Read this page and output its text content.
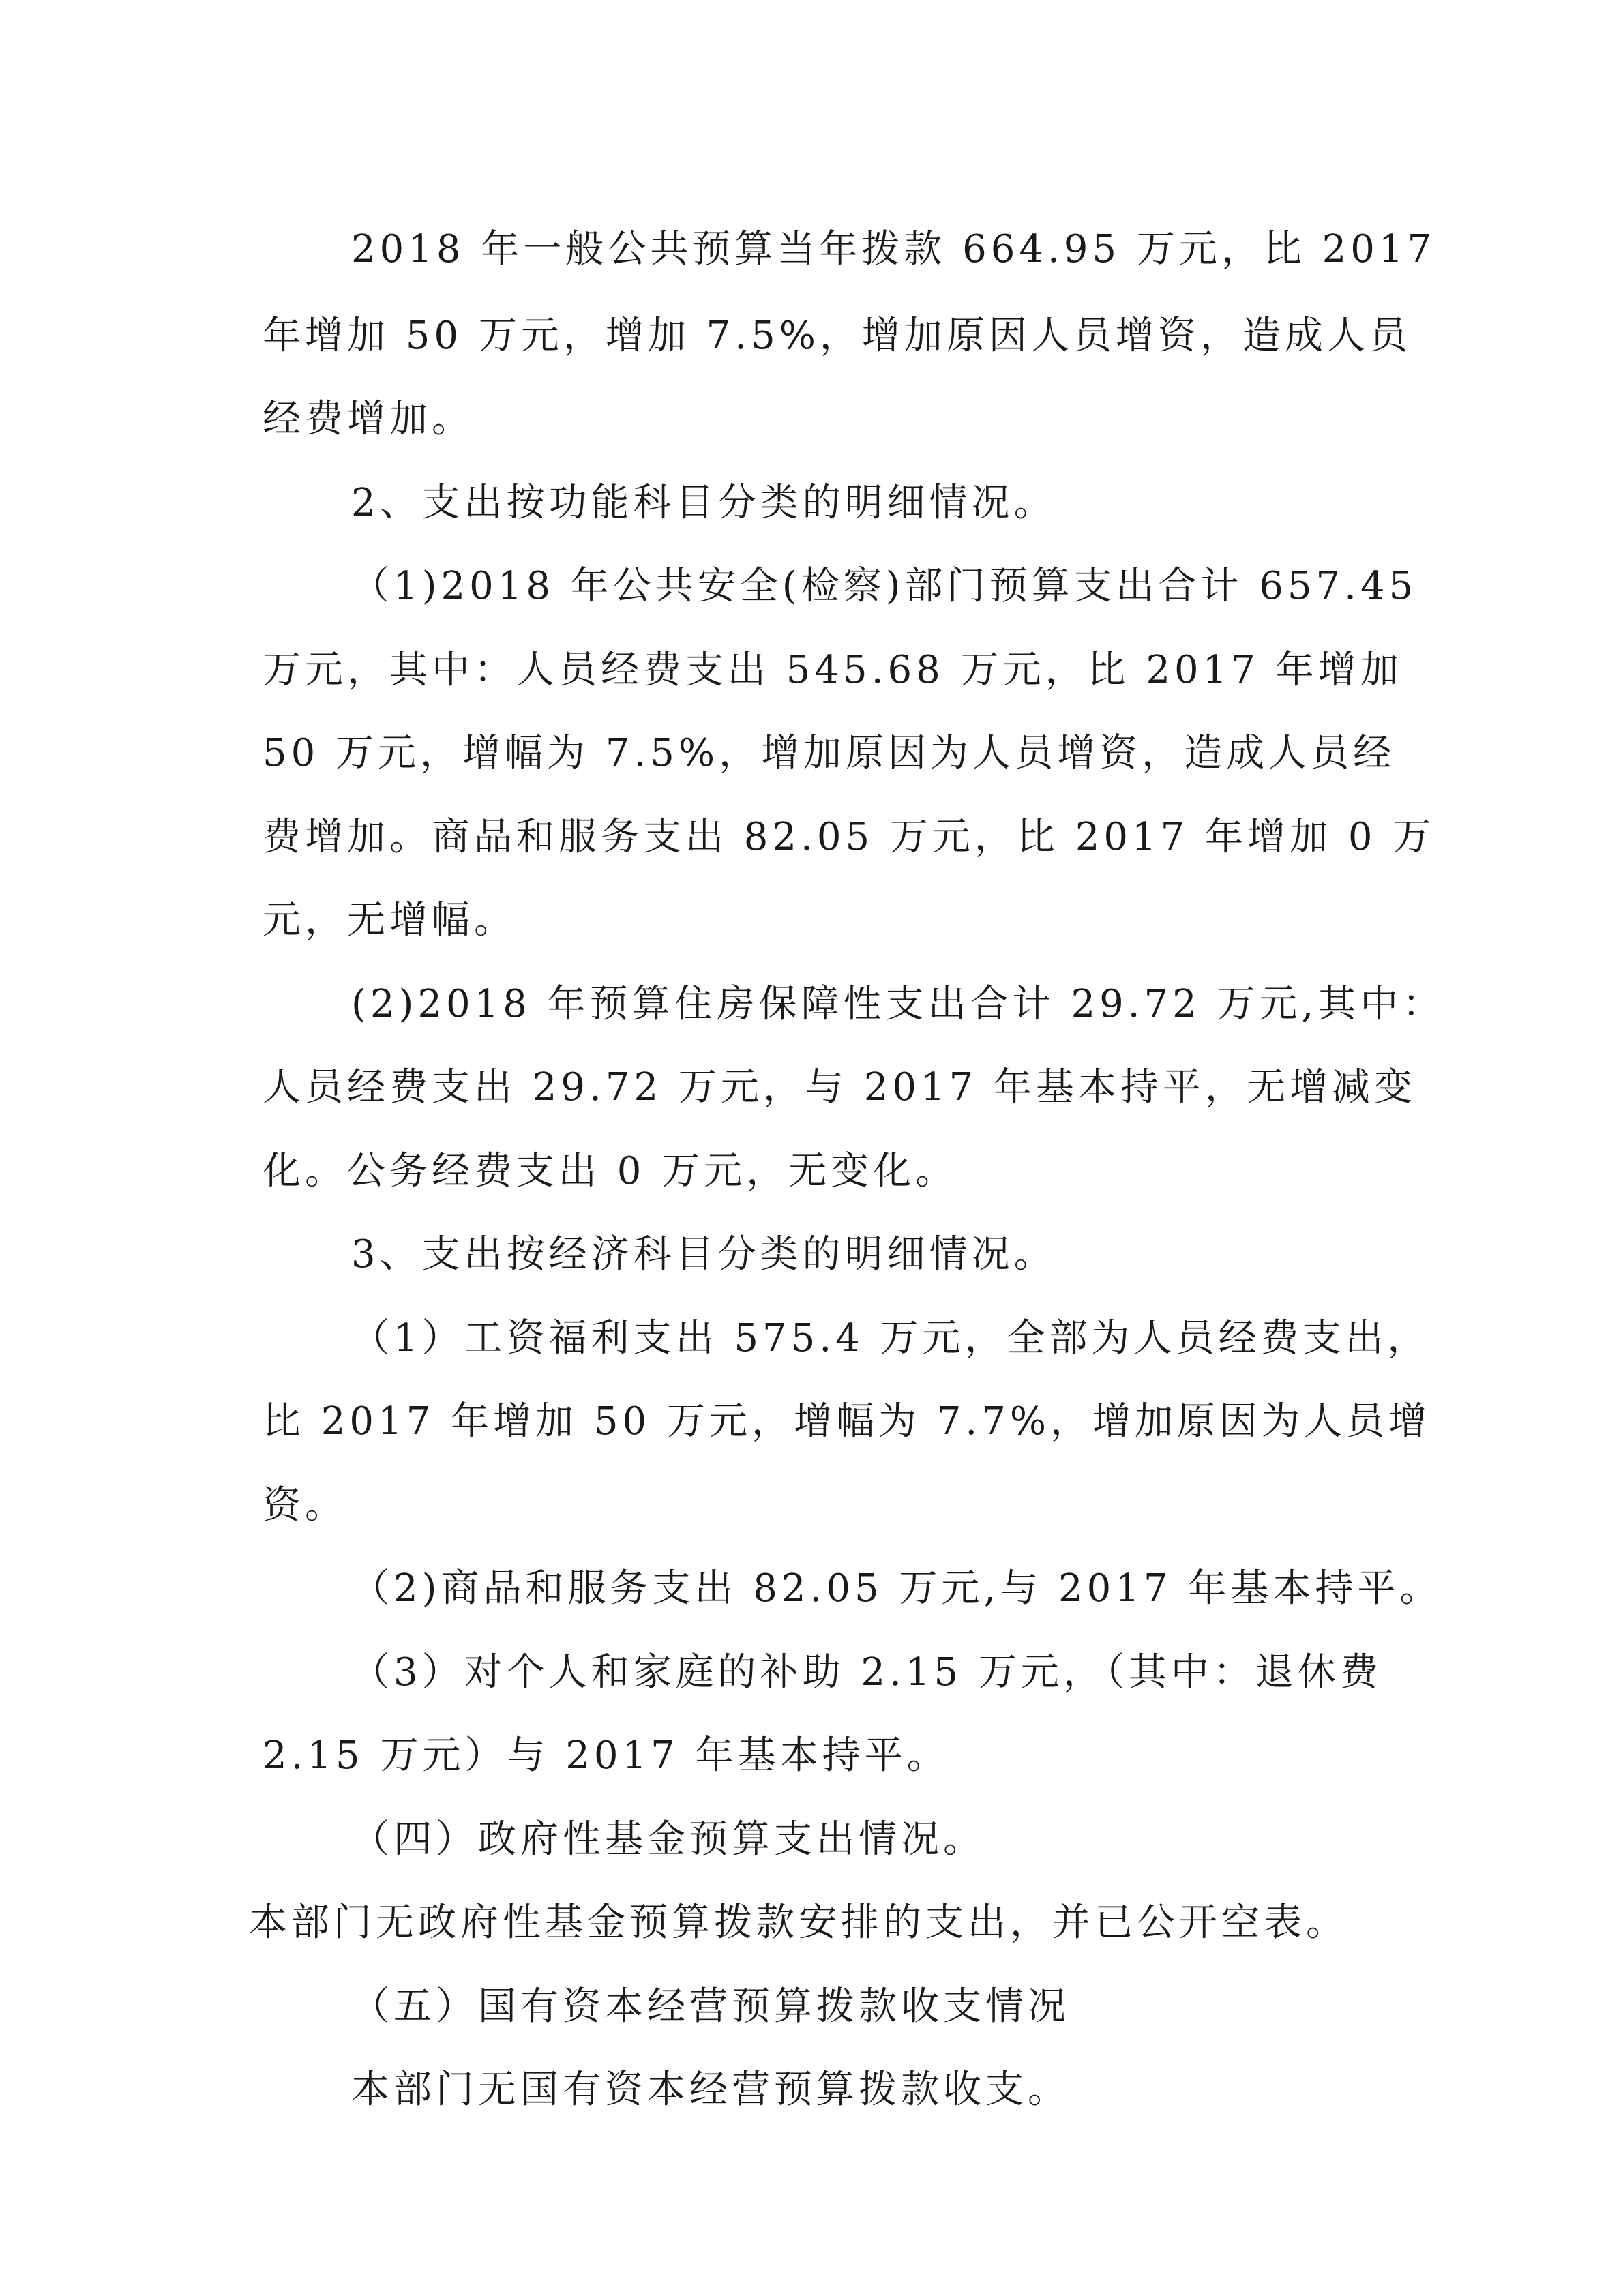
2018 年一般公共预算当年拨款 664.95 万元，比 2017
年增加 50 万元，增加 7.5%，增加原因人员增资，造成人员
经费增加。
2、支出按功能科目分类的明细情况。
（1)2018 年公共安全(检察)部门预算支出合计 657.45
万元，其中：人员经费支出 545.68 万元，比 2017 年增加
50 万元，增幅为 7.5%，增加原因为人员增资，造成人员经
费增加。商品和服务支出 82.05 万元，比 2017 年增加 0 万
元，无增幅。
(2)2018 年预算住房保障性支出合计 29.72 万元,其中：
人员经费支出 29.72 万元，与 2017 年基本持平，无增减变
化。公务经费支出 0 万元，无变化。
3、支出按经济科目分类的明细情况。
（1）工资福利支出 575.4 万元，全部为人员经费支出，
比 2017 年增加 50 万元，增幅为 7.7%，增加原因为人员增
资。
（2)商品和服务支出 82.05 万元,与 2017 年基本持平。
（3）对个人和家庭的补助 2.15 万元，（其中：退休费
2.15 万元）与 2017 年基本持平。
（四）政府性基金预算支出情况。
本部门无政府性基金预算拨款安排的支出，并已公开空表。
（五）国有资本经营预算拨款收支情况
本部门无国有资本经营预算拨款收支。
